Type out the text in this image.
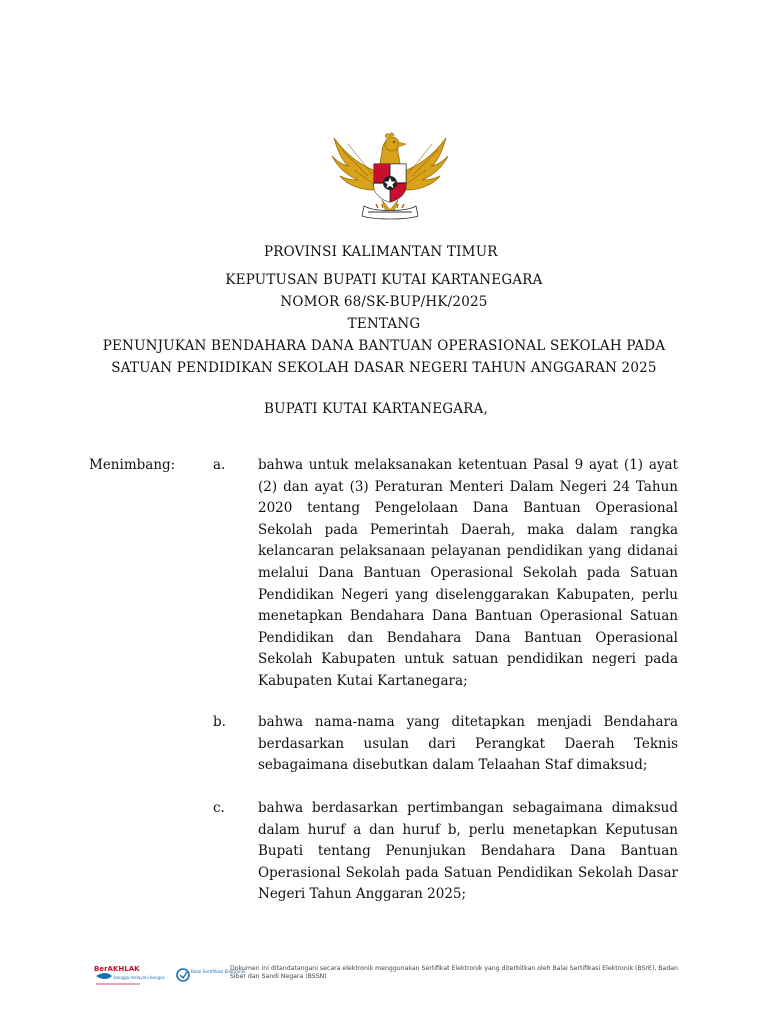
PROVINSI KALIMANTAN TIMUR
KEPUTUSAN BUPATI KUTAI KARTANEGARA
NOMOR 68/SK-BUP/HK/2025
TENTANG
PENUNJUKAN BENDAHARA DANA BANTUAN OPERASIONAL SEKOLAH PADA
SATUAN PENDIDIKAN SEKOLAH DASAR NEGERI TAHUN ANGGARAN 2025
BUPATI KUTAI KARTANEGARA,
Menimbang:	a. bahwa untuk melaksanakan ketentuan Pasal 9 ayat (1) ayat (2) dan ayat (3) Peraturan Menteri Dalam Negeri 24 Tahun 2020 tentang Pengelolaan Dana Bantuan Operasional Sekolah pada Pemerintah Daerah, maka dalam rangka kelancaran pelaksanaan pelayanan pendidikan yang didanai melalui Dana Bantuan Operasional Sekolah pada Satuan Pendidikan Negeri yang diselenggarakan Kabupaten, perlu menetapkan Bendahara Dana Bantuan Operasional Satuan Pendidikan dan Bendahara Dana Bantuan Operasional Sekolah Kabupaten untuk satuan pendidikan negeri pada Kabupaten Kutai Kartanegara;
b. bahwa nama-nama yang ditetapkan menjadi Bendahara berdasarkan usulan dari Perangkat Daerah Teknis sebagaimana disebutkan dalam Telaahan Staf dimaksud;
c. bahwa berdasarkan pertimbangan sebagaimana dimaksud dalam huruf a dan huruf b, perlu menetapkan Keputusan Bupati tentang Penunjukan Bendahara Dana Bantuan Operasional Sekolah pada Satuan Pendidikan Sekolah Dasar Negeri Tahun Anggaran 2025;
BerAKHLAK
bangga melayani bangsa
Balai Sertifikasi Elektronik
Dokumen ini ditandatangani secara elektronik menggunakan Sertifikat Elektronik yang diterbitkan oleh Balai Sertifikasi Elektronik (BSrE), Badan Siber dan Sandi Negara (BSSN)
